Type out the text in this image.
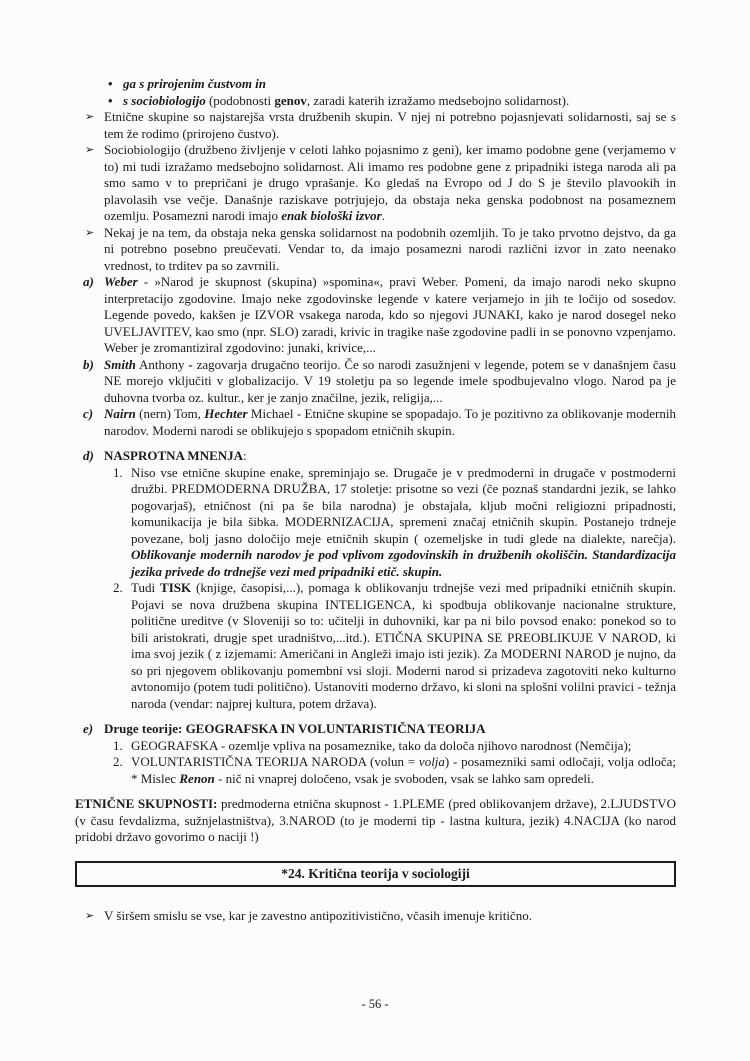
• ga s prirojenim čustvom in
• s sociobiologijo (podobnosti genov, zaradi katerih izražamo medsebojno solidarnost).
➢ Etnične skupine so najstarejša vrsta družbenih skupin. V njej ni potrebno pojasnjevati solidarnosti, saj se s tem že rodimo (prirojeno čustvo).
➢ Sociobiologijo (družbeno življenje v celoti lahko pojasnimo z geni), ker imamo podobne gene (verjamemo v to) mi tudi izražamo medsebojno solidarnost. Ali imamo res podobne gene z pripadniki istega naroda ali pa smo samo v to prepričani je drugo vprašanje. Ko gledaš na Evropo od J do S je število plavookih in plavolasih vse večje. Današnje raziskave potrjujejo, da obstaja neka genska podobnost na posameznem ozemlju. Posamezni narodi imajo enak biološki izvor.
➢ Nekaj je na tem, da obstaja neka genska solidarnost na podobnih ozemljih. To je tako prvotno dejstvo, da ga ni potrebno posebno preučevati. Vendar to, da imajo posamezni narodi različni izvor in zato neenako vrednost, to trditev pa so zavrnili.
a) Weber - »Narod je skupnost (skupina) »spomina«, pravi Weber. Pomeni, da imajo narodi neko skupno interpretacijo zgodovine. Imajo neke zgodovinske legende v katere verjamejo in jih te ločijo od sosedov. Legende povedo, kakšen je IZVOR vsakega naroda, kdo so njegovi JUNAKI, kako je narod dosegel neko UVELJAVITEV, kao smo (npr. SLO) zaradi, krivic in tragike naše zgodovine padli in se ponovno vzpenjamo. Weber je zromantiziral zgodovino: junaki, krivice,...
b) Smith Anthony - zagovarja drugačno teorijo. Če so narodi zasužnjeni v legende, potem se v današnjem času NE morejo vključiti v globalizacijo. V 19 stoletju pa so legende imele spodbujevalno vlogo. Narod pa je duhovna tvorba oz. kultur., ker je zanjo značilne, jezik, religija,...
c) Nairn (nern) Tom, Hechter Michael - Etnične skupine se spopadajo. To je pozitivno za oblikovanje modernih narodov. Moderni narodi se oblikujejo s spopadom etničnih skupin.
d) NASPROTNA MNENJA:
1. Niso vse etnične skupine enake, spreminjajo se. Drugače je v predmoderni in drugače v postmoderni družbi. PREDMODERNA DRUŽBA, 17 stoletje: prisotne so vezi (če poznaš standardni jezik, se lahko pogovarjaš), etničnost (ni pa še bila narodna) je obstajala, kljub močni religiozni pripadnosti, komunikacija je bila šibka. MODERNIZACIJA, spremeni značaj etničnih skupin. Postanejo trdneje povezane, bolj jasno določijo meje etničnih skupin ( ozemeljske in tudi glede na dialekte, narečja). Oblikovanje modernih narodov je pod vplivom zgodovinskih in družbenih okoliščin. Standardizacija jezika privede do trdnejše vezi med pripadniki etič. skupin.
2. Tudi TISK (knjige, časopisi,...), pomaga k oblikovanju trdnejše vezi med pripadniki etničnih skupin. Pojavi se nova družbena skupina INTELIGENCA, ki spodbuja oblikovanje nacionalne strukture, politične ureditve (v Sloveniji so to: učitelji in duhovniki, kar pa ni bilo povsod enako: ponekod so to bili aristokrati, drugje spet uradništvo,...itd.). ETIČNA SKUPINA SE PREOBLIKUJE V NAROD, ki ima svoj jezik ( z izjemami: Američani in Angleži imajo isti jezik). Za MODERNI NAROD je nujno, da so pri njegovem oblikovanju pomembni vsi sloji. Moderni narod si prizadeva zagotoviti neko kulturno avtonomijo (potem tudi politično). Ustanoviti moderno državo, ki sloni na splošni volilni pravici - težnja naroda (vendar: najprej kultura, potem država).
e) Druge teorije: GEOGRAFSKA IN VOLUNTARISTIČNA TEORIJA
1. GEOGRAFSKA - ozemlje vpliva na posameznike, tako da določa njihovo narodnost (Nemčija);
2. VOLUNTARISTIČNA TEORIJA NARODA (volun = volja) - posamezniki sami odločaji, volja odloča; * Mislec Renon - nič ni vnaprej določeno, vsak je svoboden, vsak se lahko sam opredeli.
ETNIČNE SKUPNOSTI: predmoderna etnična skupnost - 1.PLEME (pred oblikovanjem države), 2.LJUDSTVO (v času fevdalizma, sužnjelastništva), 3.NAROD (to je moderni tip - lastna kultura, jezik) 4.NACIJA (ko narod pridobi državo govorimo o naciji !)
*24. Kritična teorija v sociologiji
➢ V širšem smislu se vse, kar je zavestno antipozitivistično, včasih imenuje kritično.
- 56 -
